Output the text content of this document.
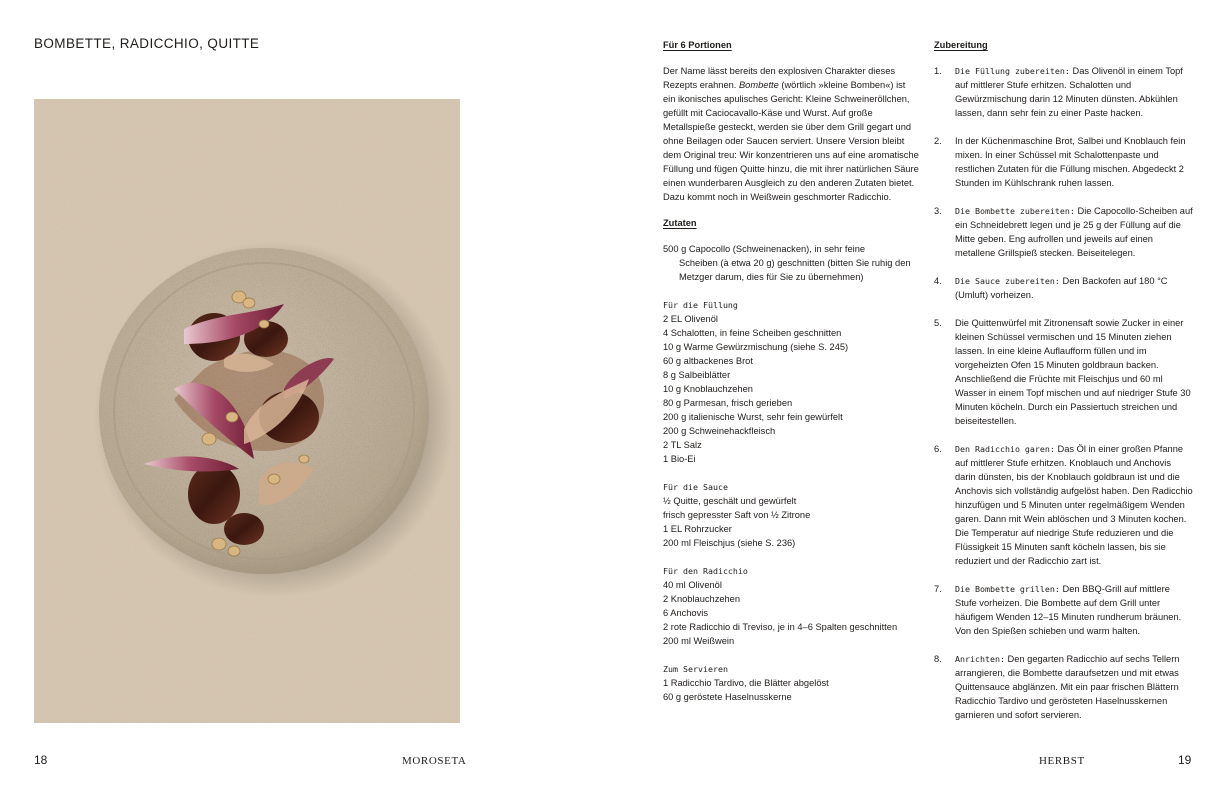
BOMBETTE, RADICCHIO, QUITTE
18	MOROSETA
Für 6 Portionen

Der Name lässt bereits den explosiven Charakter dieses Rezepts erahnen. Bombette (wörtlich »kleine Bomben«) ist ein ikonisches apulisches Gericht: Kleine Schweineröllchen, gefüllt mit Caciocavallo-Käse und Wurst. Auf große Metallspieße gesteckt, werden sie über dem Grill gegart und ohne Beilagen oder Saucen serviert. Unsere Version bleibt dem Original treu: Wir konzentrieren uns auf eine aromatische Füllung und fügen Quitte hinzu, die mit ihrer natürlichen Säure einen wunderbaren Ausgleich zu den anderen Zutaten bietet. Dazu kommt noch in Weißwein geschmorter Radicchio.

Zutaten
500 g Capocollo (Schweinenacken), in sehr feine
Scheiben (à etwa 20 g) geschnitten (bitten Sie ruhig den Metzger darum, dies für Sie zu übernehmen)
Für die Füllung
2 EL Olivenöl
4 Schalotten, in feine Scheiben geschnitten
10 g Warme Gewürzmischung (siehe S. 245)
60 g altbackenes Brot
8 g Salbeiblätter
10 g Knoblauchzehen
80 g Parmesan, frisch gerieben
200 g italienische Wurst, sehr fein gewürfelt
200 g Schweinehackfleisch
2 TL Salz
1 Bio-Ei
Für die Sauce
½ Quitte, geschält und gewürfelt
frisch gepresster Saft von ½ Zitrone
1 EL Rohrzucker
200 ml Fleischjus (siehe S. 236)
Für den Radicchio
40 ml Olivenöl
2 Knoblauchzehen
6 Anchovis
2 rote Radicchio di Treviso, je in 4–6 Spalten geschnitten
200 ml Weißwein
Zum Servieren
1 Radicchio Tardivo, die Blätter abgelöst
60 g geröstete Haselnusskerne
Zubereitung
1.	Die Füllung zubereiten: Das Olivenöl in einem Topf auf mittlerer Stufe erhitzen. Schalotten und Gewürzmischung darin 12 Minuten dünsten. Abkühlen lassen, dann sehr fein zu einer Paste hacken.
2.	In der Küchenmaschine Brot, Salbei und Knoblauch fein mixen. In einer Schüssel mit Schalottenpaste und restlichen Zutaten für die Füllung mischen. Abgedeckt 2 Stunden im Kühlschrank ruhen lassen.
3.	Die Bombette zubereiten: Die Capocollo-Scheiben auf ein Schneidebrett legen und je 25 g der Füllung auf die Mitte geben. Eng aufrollen und jeweils auf einen metallene Grillspieß stecken. Beiseitelegen.
4.	Die Sauce zubereiten: Den Backofen auf 180 °C (Umluft) vorheizen.
5.	Die Quittenwürfel mit Zitronensaft sowie Zucker in einer kleinen Schüssel vermischen und 15 Minuten ziehen lassen. In eine kleine Auflaufform füllen und im vorgeheizten Ofen 15 Minuten goldbraun backen. Anschließend die Früchte mit Fleischjus und 60 ml Wasser in einem Topf mischen und auf niedriger Stufe 30 Minuten köcheln. Durch ein Passiertuch streichen und beiseitestellen.
6.	Den Radicchio garen: Das Öl in einer großen Pfanne auf mittlerer Stufe erhitzen. Knoblauch und Anchovis darin dünsten, bis der Knoblauch goldbraun ist und die Anchovis sich vollständig aufgelöst haben. Den Radicchio hinzufügen und 5 Minuten unter regelmäßigem Wenden garen. Dann mit Wein ablöschen und 3 Minuten kochen. Die Temperatur auf niedrige Stufe reduzieren und die Flüssigkeit 15 Minuten sanft köcheln lassen, bis sie reduziert und der Radicchio zart ist.
7.	Die Bombette grillen: Den BBQ-Grill auf mittlere Stufe vorheizen. Die Bombette auf dem Grill unter häufigem Wenden 12–15 Minuten rundherum bräunen. Von den Spießen schieben und warm halten.
8.	Anrichten: Den gegarten Radicchio auf sechs Tellern arrangieren, die Bombette daraufsetzen und mit etwas Quittensauce abglänzen. Mit ein paar frischen Blättern Radicchio Tardivo und gerösteten Haselnusskernen garnieren und sofort servieren.
HERBST	19
